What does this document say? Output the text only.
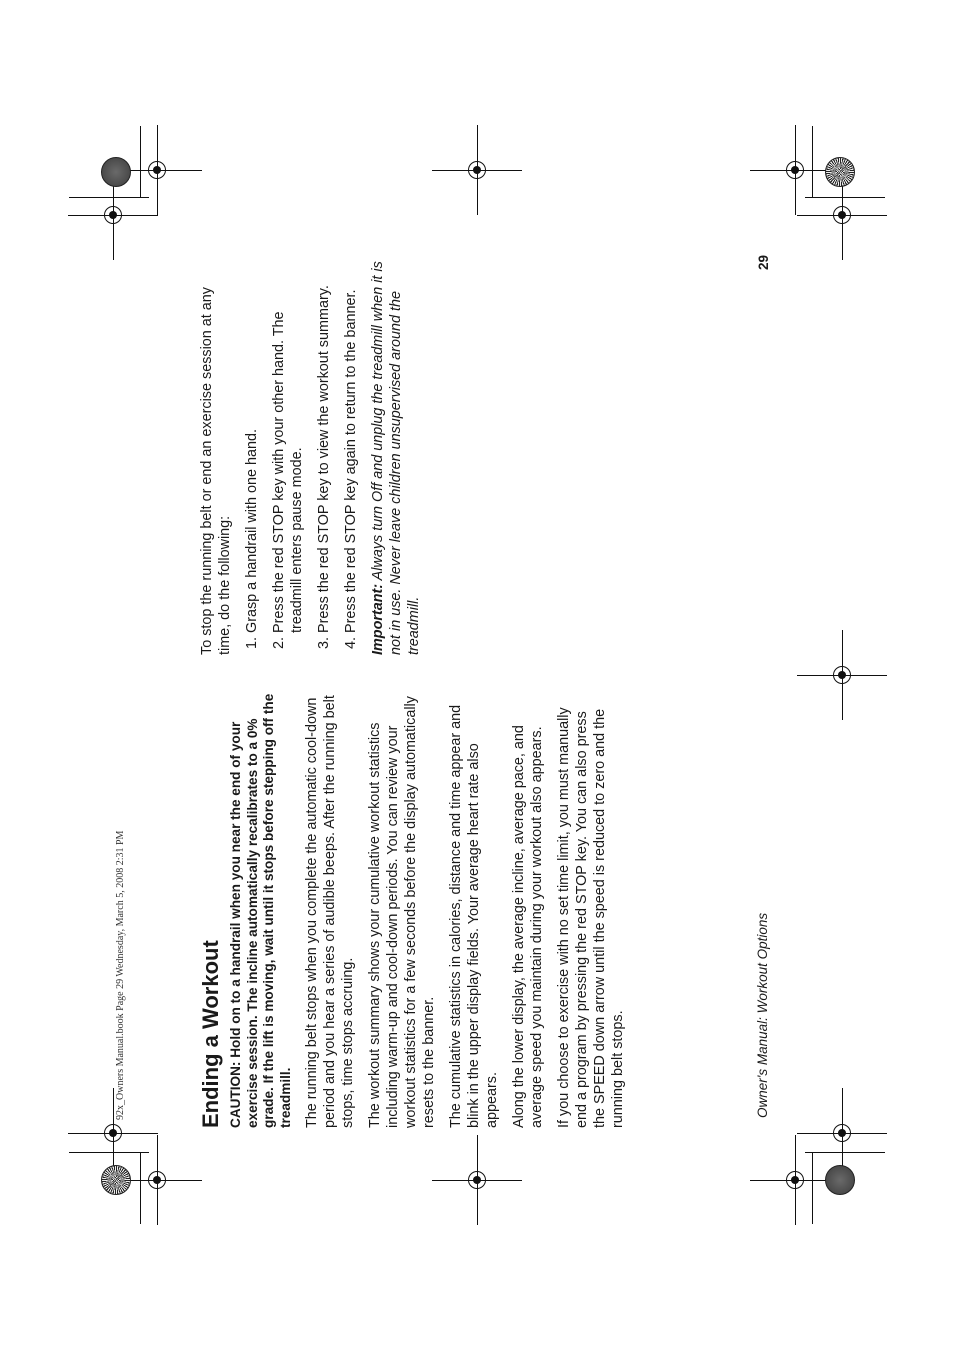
92x_Owners Manual.book Page 29 Wednesday, March 5, 2008 2:31 PM	Ending a Workout CAUTION: Hold on to a handrail when you near the end of your exercise session. The incline automatically recalibrates to a 0% grade. If the lift is moving, wait until it stops before stepping off the treadmill. The running belt stops when you complete the automatic cool-down period and you hear a series of audible beeps. After the running belt stops, time stops accruing. The workout summary shows your cumulative workout statistics including warm-up and cool-down periods. You can review your workout statistics for a few seconds before the display automatically resets to the banner. The cumulative statistics in calories, distance and time appear and blink in the upper display fields. Your average heart rate also appears. Along the lower display, the average incline, average pace, and average speed you maintain during your workout also appears. If you choose to exercise with no set time limit, you must manually end a program by pressing the red STOP key. You can also press the SPEED down arrow until the speed is reduced to zero and the running belt stops.

To stop the running belt or end an exercise session at any time, do the following: 1. Grasp a handrail with one hand. 2. Press the red STOP key with your other hand. The treadmill enters pause mode. 3. Press the red STOP key to view the workout summary. 4. Press the red STOP key again to return to the banner. Important: Always turn Off and unplug the treadmill when it is not in use. Never leave children unsupervised around the treadmill.

Owner's Manual: Workout Options
29
